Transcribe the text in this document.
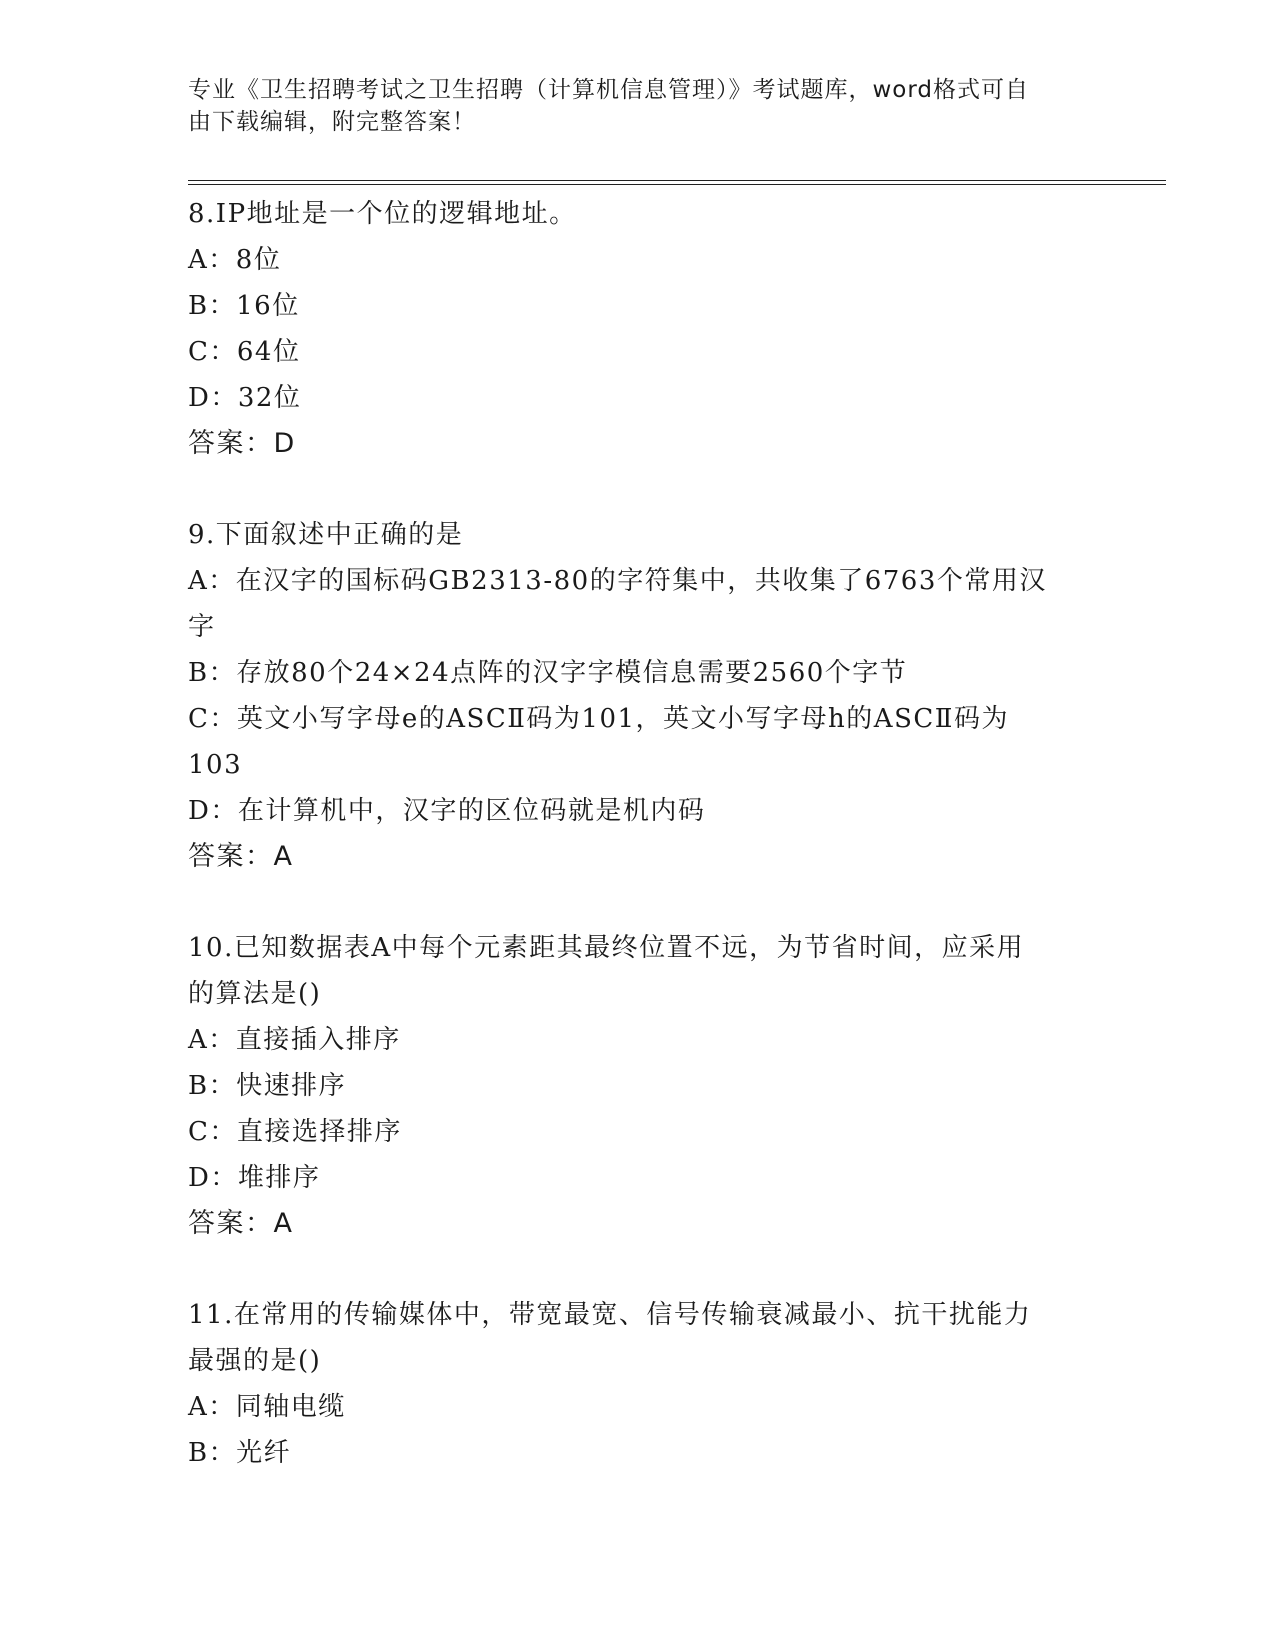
专业《卫生招聘考试之卫生招聘（计算机信息管理）》考试题库，word格式可自
由下载编辑，附完整答案！
8.IP地址是一个位的逻辑地址。
A：8位
B：16位
C：64位
D：32位
答案：D
9.下面叙述中正确的是
A：在汉字的国标码GB2313-80的字符集中，共收集了6763个常用汉
字
B：存放80个24×24点阵的汉字字模信息需要2560个字节
C：英文小写字母e的ASCⅡ码为101，英文小写字母h的ASCⅡ码为
103
D：在计算机中，汉字的区位码就是机内码
答案：A
10.已知数据表A中每个元素距其最终位置不远，为节省时间，应采用
的算法是()
A：直接插入排序
B：快速排序
C：直接选择排序
D：堆排序
答案：A
11.在常用的传输媒体中，带宽最宽、信号传输衰减最小、抗干扰能力
最强的是()
A：同轴电缆
B：光纤
